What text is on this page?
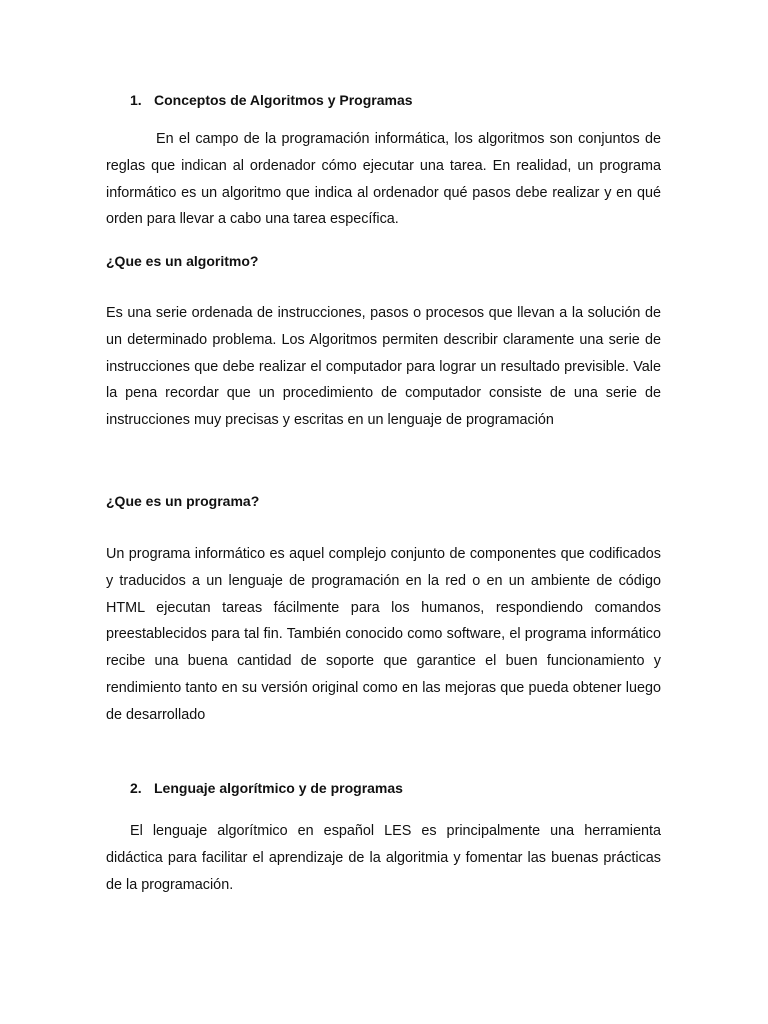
1. Conceptos de Algoritmos y Programas

En el campo de la programación informática, los algoritmos son conjuntos de reglas que indican al ordenador cómo ejecutar una tarea. En realidad, un programa informático es un algoritmo que indica al ordenador qué pasos debe realizar y en qué orden para llevar a cabo una tarea específica.

¿Que es un algoritmo?

Es una serie ordenada de instrucciones, pasos o procesos que llevan a la solución de un determinado problema. Los Algoritmos permiten describir claramente una serie de instrucciones que debe realizar el computador para lograr un resultado previsible. Vale la pena recordar que un procedimiento de computador consiste de una serie de instrucciones muy precisas y escritas en un lenguaje de programación

¿Que es un programa?

Un programa informático es aquel complejo conjunto de componentes que codificados y traducidos a un lenguaje de programación en la red o en un ambiente de código HTML ejecutan tareas fácilmente para los humanos, respondiendo comandos preestablecidos para tal fin. También conocido como software, el programa informático recibe una buena cantidad de soporte que garantice el buen funcionamiento y rendimiento tanto en su versión original como en las mejoras que pueda obtener luego de desarrollado

2. Lenguaje algorítmico y de programas

El lenguaje algorítmico en español LES es principalmente una herramienta didáctica para facilitar el aprendizaje de la algoritmia y fomentar las buenas prácticas de la programación.
